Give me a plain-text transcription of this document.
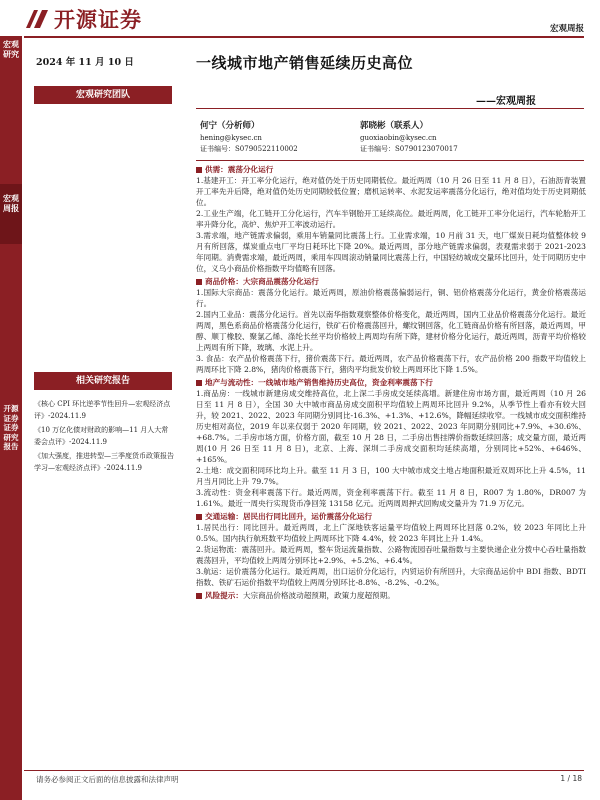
开源证券	宏观周报
宏观研究
宏观周报
开源证券 证券研究报告
2024 年 11 月 10 日
宏观研究团队
相关研究报告
《核心 CPI 环比逆季节性回升—宏观经济点评》-2024.11.9
《10 万亿化债对财政的影响—11 月人大常委会点评》-2024.11.9
《加大强度，推进转型—三季度货币政策报告学习—宏观经济点评》-2024.11.9
一线城市地产销售延续历史高位
——宏观周报
何宁（分析师）
hening@kysec.cn
证书编号：S0790522110002
郭晓彬（联系人）
guoxiaobin@kysec.cn
证书编号：S0790123070017
供需：震荡分化运行

1.基建开工：开工率分化运行，绝对值仍处于历史同期低位。最近两周（10 月 26 日至 11 月 8 日），石油沥青装置开工率先升后降，绝对值仍处历史同期较低位置；磨机运转率、水泥发运率震荡分化运行，绝对值均处于历史同期低位。

2.工业生产端，化工链开工分化运行，汽车半钢胎开工延续高位。最近两周，化工链开工率分化运行，汽车轮胎开工率升降分化，高炉、焦炉开工率波动运行。

3.需求端，地产链需求偏弱，乘用车销量同比震荡上行。工业需求端，10 月前 31 天，电厂煤炭日耗均值整体较 9 月有所回落，煤炭重点电厂平均日耗环比下降 20%。最近两周，部分地产链需求偏弱，表观需求弱于 2021-2023 年同期。消费需求端，最近两周，乘用车四周滚动销量同比震荡上行，中国轻纺城成交量环比回升，处于同期历史中位，义乌小商品价格指数平均值略有回落。

商品价格：大宗商品震荡分化运行

1.国际大宗商品：震荡分化运行。最近两周，原油价格震荡偏弱运行，铜、铝价格震荡分化运行，黄金价格震荡运行。

2.国内工业品：震荡分化运行。首先以南华指数观察整体价格变化，最近两周，国内工业品价格震荡分化运行。最近两周，黑色系商品价格震荡分化运行，铁矿石价格震荡回升，螺纹钢回落，化工链商品价格有所回落，最近两周，甲醇、顺丁橡胶、聚氯乙烯、涤纶长丝平均价格较上两周均有所下降，建材价格分化运行，最近两周，沥青平均价格较上两周有所下降，玻璃、水泥上升。

3. 食品：农产品价格震荡下行，猪价震荡下行。最近两周，农产品价格震荡下行，农产品价格 200 指数平均值较上两周环比下降 2.8%，猪肉价格震荡下行，猪肉平均批发价较上两周环比下降 1.5%。

地产与流动性：一线城市地产销售维持历史高位，资金利率震荡下行

1.商品房：一线城市新建房成交维持高位，北上深二手房成交延续高增。新建住房市场方面，最近两周（10 月 26 日至 11 月 8 日），全国 30 大中城市商品房成交面积平均值较上两周环比回升 9.2%，从季节性上看亦有较大回升，较 2021、2022、2023 年同期分别同比-16.3%、+1.3%、+12.6%，降幅延续收窄。一线城市成交面积维持历史相对高位，2019 年以来仅弱于 2020 年同期，较 2021、2022、2023 年同期分别同比+7.9%、+30.6%、+68.7%。二手房市场方面，价格方面，截至 10 月 28 日，二手房出售挂牌价指数延续回落；成交量方面，最近两周(10 月 26 日至 11 月 8 日)，北京、上海、深圳二手房成交面积均延续高增，分别同比+52%、+646%、+165%。

2.土地：成交面积同环比均上升。截至 11 月 3 日，100 大中城市成交土地占地面积最近双周环比上升 4.5%，11 月当月同比上升 79.7%。

3.流动性：资金利率震荡下行。最近两周，资金利率震荡下行。截至 11 月 8 日，R007 为 1.80%，DR007 为 1.61%。最近一周央行实现货币净回笼 13158 亿元。近两周周押式回购成交量升为 71.9 万亿元。

交通运输：居民出行同比回升，运价震荡分化运行

1.居民出行：同比回升。最近两周，北上广深地铁客运量平均值较上两周环比回落 0.2%，较 2023 年同比上升 0.5%。国内执行航班数平均值较上两周环比下降 4.4%，较 2023 年同比上升 1.4%。

2.货运物流：震荡回升。最近两周，整车货运流量指数、公路物流园吞吐量指数与主要快递企业分拨中心吞吐量指数震荡回升，平均值较上两周分别环比+2.9%、+5.2%、+6.4%。

3.航运：运价震荡分化运行。最近两周，出口运价分化运行，内贸运价有所回升，大宗商品运价中 BDI 指数、BDTI 指数、铁矿石运价指数平均值较上两周分别环比-8.8%、-8.2%、-0.2%。

风险提示： 大宗商品价格波动超预期，政策力度超预期。
请务必参阅正文后面的信息披露和法律声明	1 / 18
